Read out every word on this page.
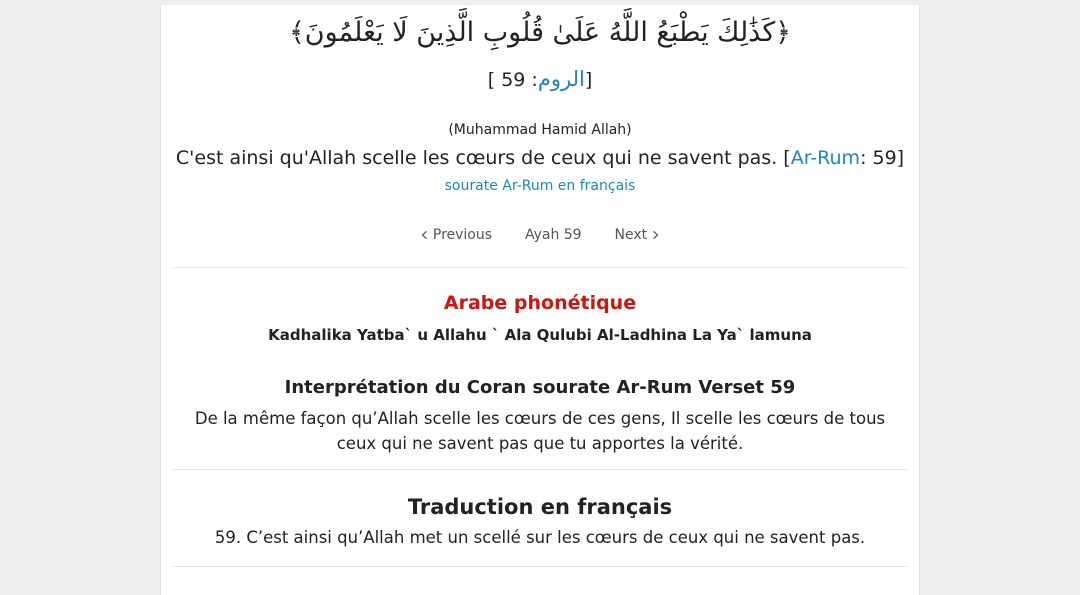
﴿كَذَٰلِكَ يَطْبَعُ اللَّهُ عَلَىٰ قُلُوبِ الَّذِينَ لَا يَعْلَمُونَ﴾
[ الروم: 59	]
(Muhammad Hamid Allah)
C'est ainsi qu'Allah scelle les cœurs de ceux qui ne savent pas. [Ar-Rum: 59]
sourate Ar-Rum en français
‹ Previous Ayah 59 Next ›
Arabe phonétique
Kadhalika Yatba` u Allahu ` Ala Qulubi Al-Ladhina La Ya` lamuna
Interprétation du Coran sourate Ar-Rum Verset 59
De la même façon qu’Allah scelle les cœurs de ces gens, Il scelle les cœurs de tous ceux qui ne savent pas que tu apportes la vérité.
Traduction en français
59. C’est ainsi qu’Allah met un scellé sur les cœurs de ceux qui ne savent pas.
